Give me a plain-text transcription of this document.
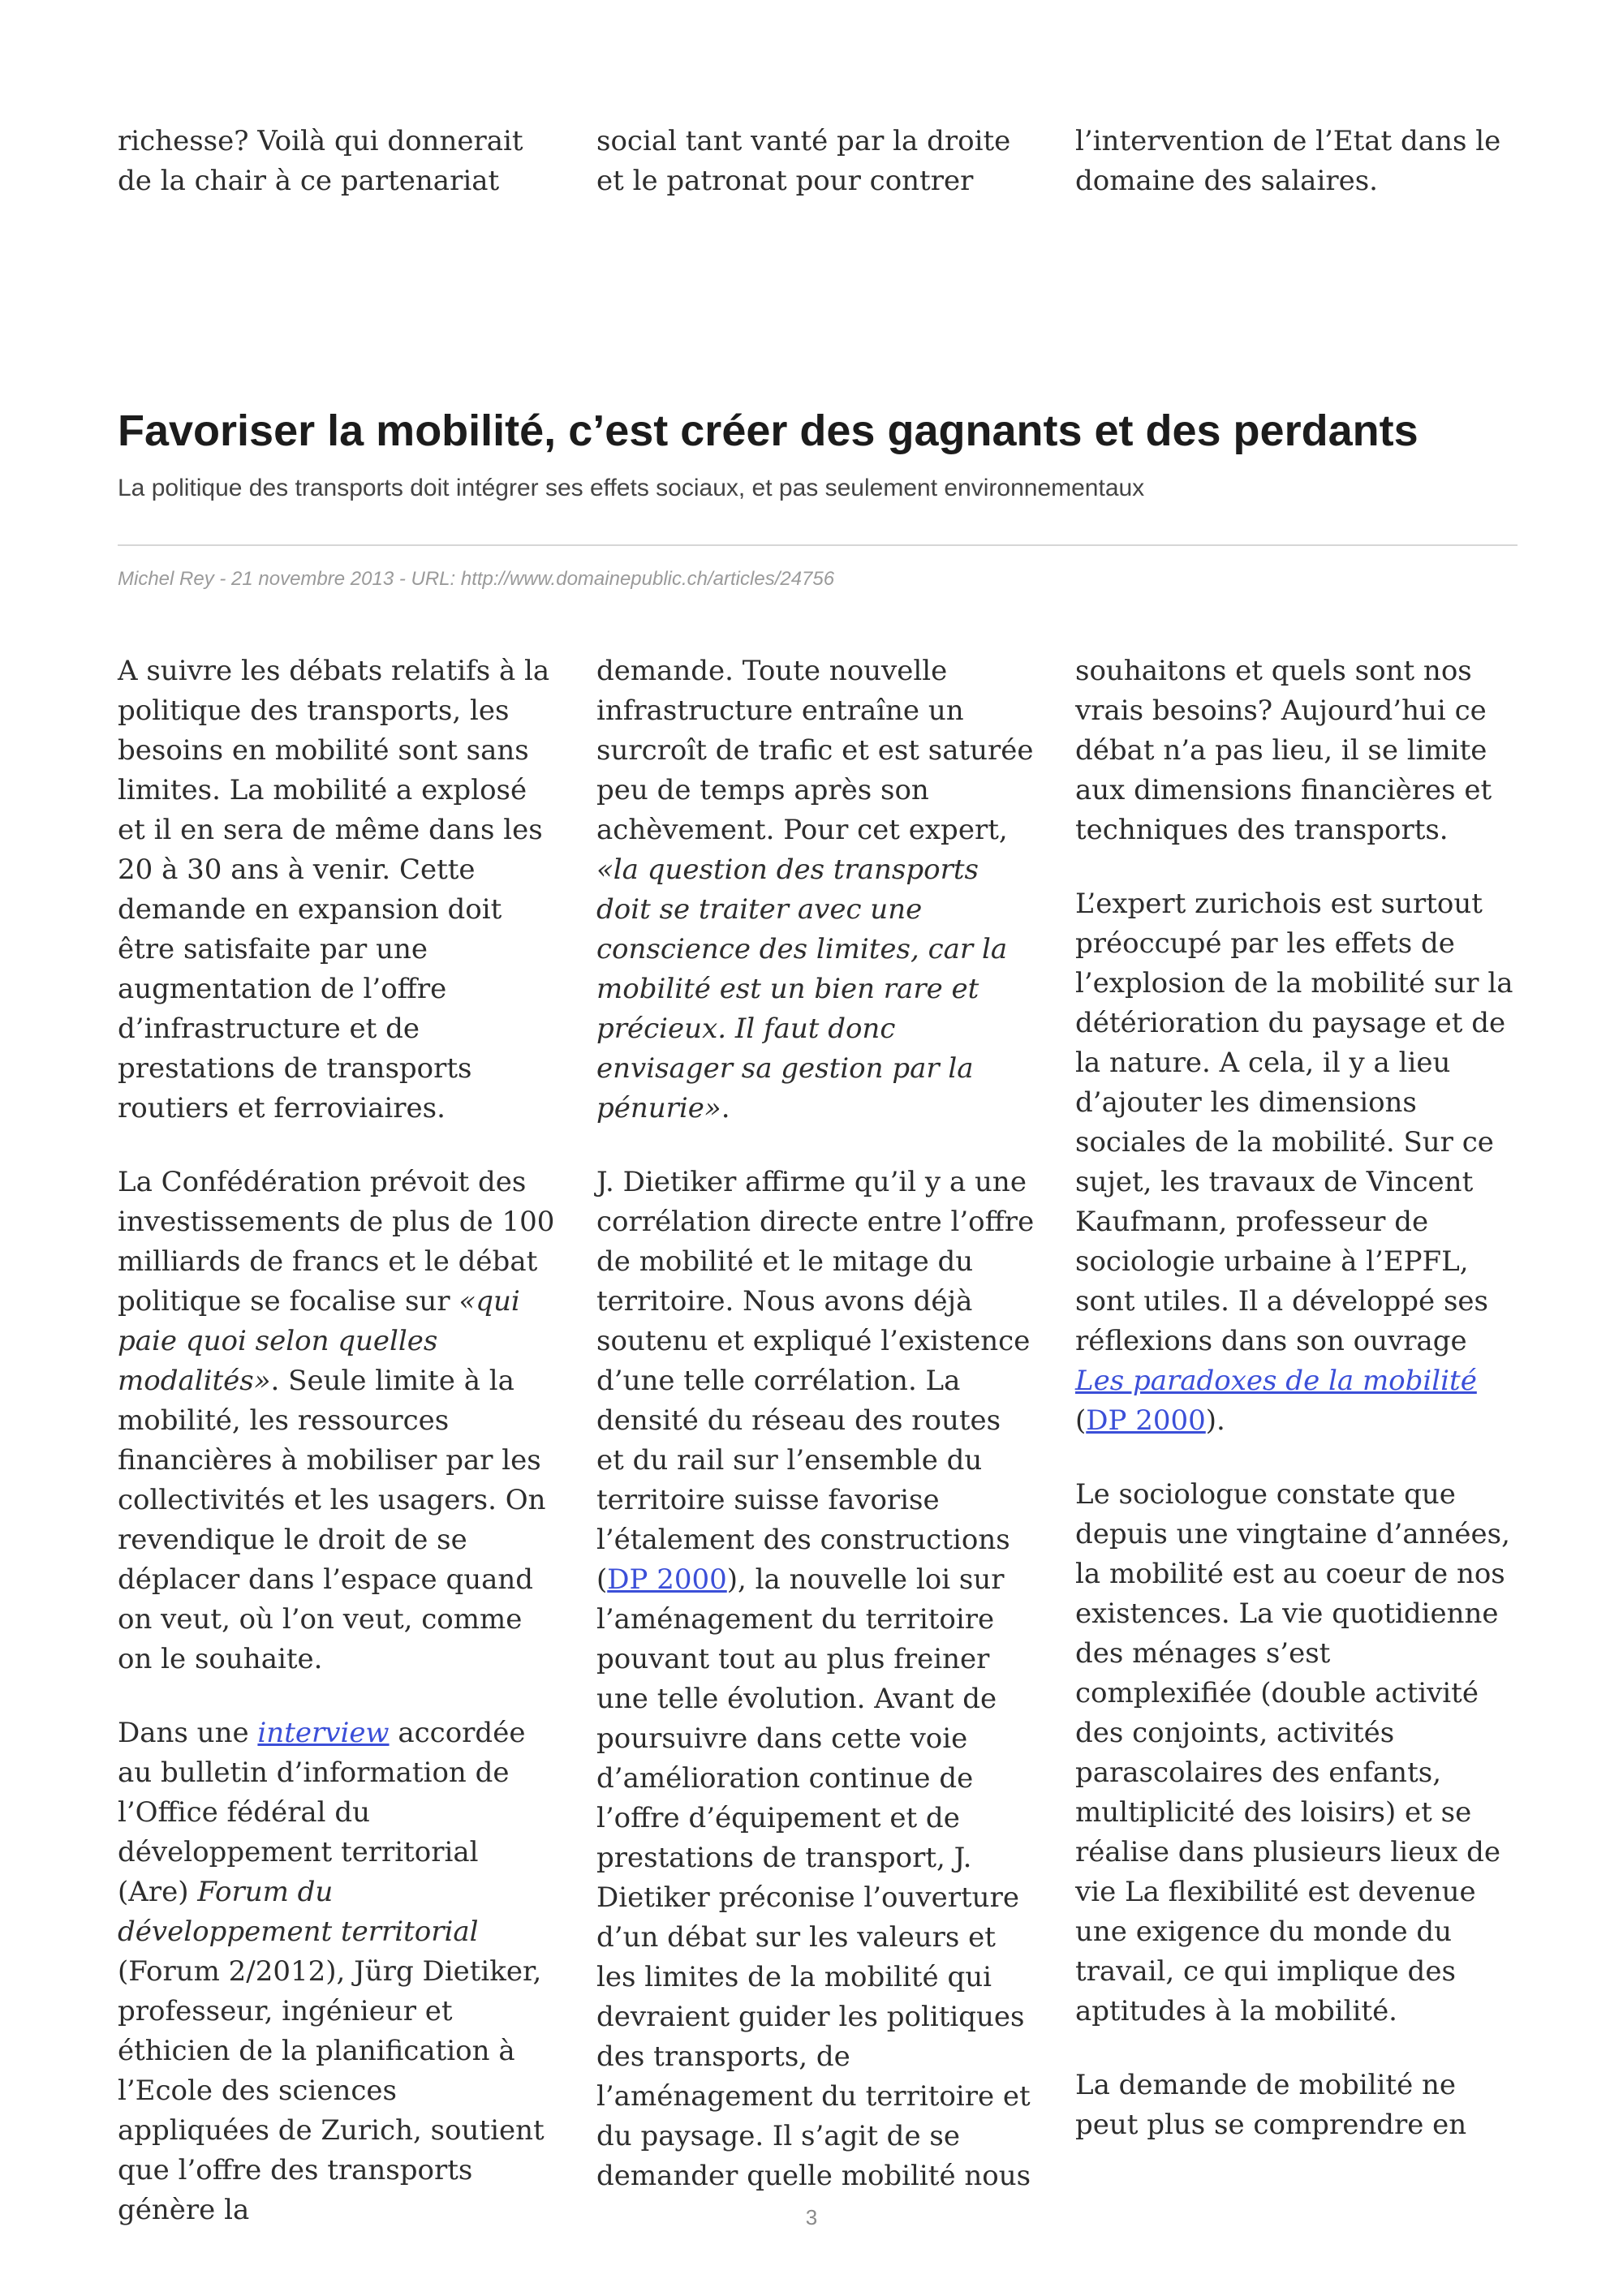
richesse? Voilà qui donnerait de la chair à ce partenariat

social tant vanté par la droite et le patronat pour contrer

l’intervention de l’Etat dans le domaine des salaires.

Favoriser la mobilité, c’est créer des gagnants et des perdants

La politique des transports doit intégrer ses effets sociaux, et pas seulement environnementaux

Michel Rey - 21 novembre 2013 - URL: http://www.domainepublic.ch/articles/24756

A suivre les débats relatifs à la politique des transports, les besoins en mobilité sont sans limites. La mobilité a explosé et il en sera de même dans les 20 à 30 ans à venir. Cette demande en expansion doit être satisfaite par une augmentation de l’offre d’infrastructure et de prestations de transports routiers et ferroviaires.

La Confédération prévoit des investissements de plus de 100 milliards de francs et le débat politique se focalise sur «qui paie quoi selon quelles modalités». Seule limite à la mobilité, les ressources financières à mobiliser par les collectivités et les usagers. On revendique le droit de se déplacer dans l’espace quand on veut, où l’on veut, comme on le souhaite.

Dans une interview accordée au bulletin d’information de l’Office fédéral du développement territorial (Are) Forum du développement territorial (Forum 2/2012), Jürg Dietiker, professeur, ingénieur et éthicien de la planification à l’Ecole des sciences appliquées de Zurich, soutient que l’offre des transports génère la

demande. Toute nouvelle infrastructure entraîne un surcroît de trafic et est saturée peu de temps après son achèvement. Pour cet expert, «la question des transports doit se traiter avec une conscience des limites, car la mobilité est un bien rare et précieux. Il faut donc envisager sa gestion par la pénurie».

J. Dietiker affirme qu’il y a une corrélation directe entre l’offre de mobilité et le mitage du territoire. Nous avons déjà soutenu et expliqué l’existence d’une telle corrélation. La densité du réseau des routes et du rail sur l’ensemble du territoire suisse favorise l’étalement des constructions (DP 2000), la nouvelle loi sur l’aménagement du territoire pouvant tout au plus freiner une telle évolution. Avant de poursuivre dans cette voie d’amélioration continue de l’offre d’équipement et de prestations de transport, J. Dietiker préconise l’ouverture d’un débat sur les valeurs et les limites de la mobilité qui devraient guider les politiques des transports, de l’aménagement du territoire et du paysage. Il s’agit de se demander quelle mobilité nous

souhaitons et quels sont nos vrais besoins? Aujourd’hui ce débat n’a pas lieu, il se limite aux dimensions financières et techniques des transports.

L’expert zurichois est surtout préoccupé par les effets de l’explosion de la mobilité sur la détérioration du paysage et de la nature. A cela, il y a lieu d’ajouter les dimensions sociales de la mobilité. Sur ce sujet, les travaux de Vincent Kaufmann, professeur de sociologie urbaine à l’EPFL, sont utiles. Il a développé ses réflexions dans son ouvrage Les paradoxes de la mobilité (DP 2000).

Le sociologue constate que depuis une vingtaine d’années, la mobilité est au coeur de nos existences. La vie quotidienne des ménages s’est complexifiée (double activité des conjoints, activités parascolaires des enfants, multiplicité des loisirs) et se réalise dans plusieurs lieux de vie La flexibilité est devenue une exigence du monde du travail, ce qui implique des aptitudes à la mobilité.

La demande de mobilité ne peut plus se comprendre en

3
